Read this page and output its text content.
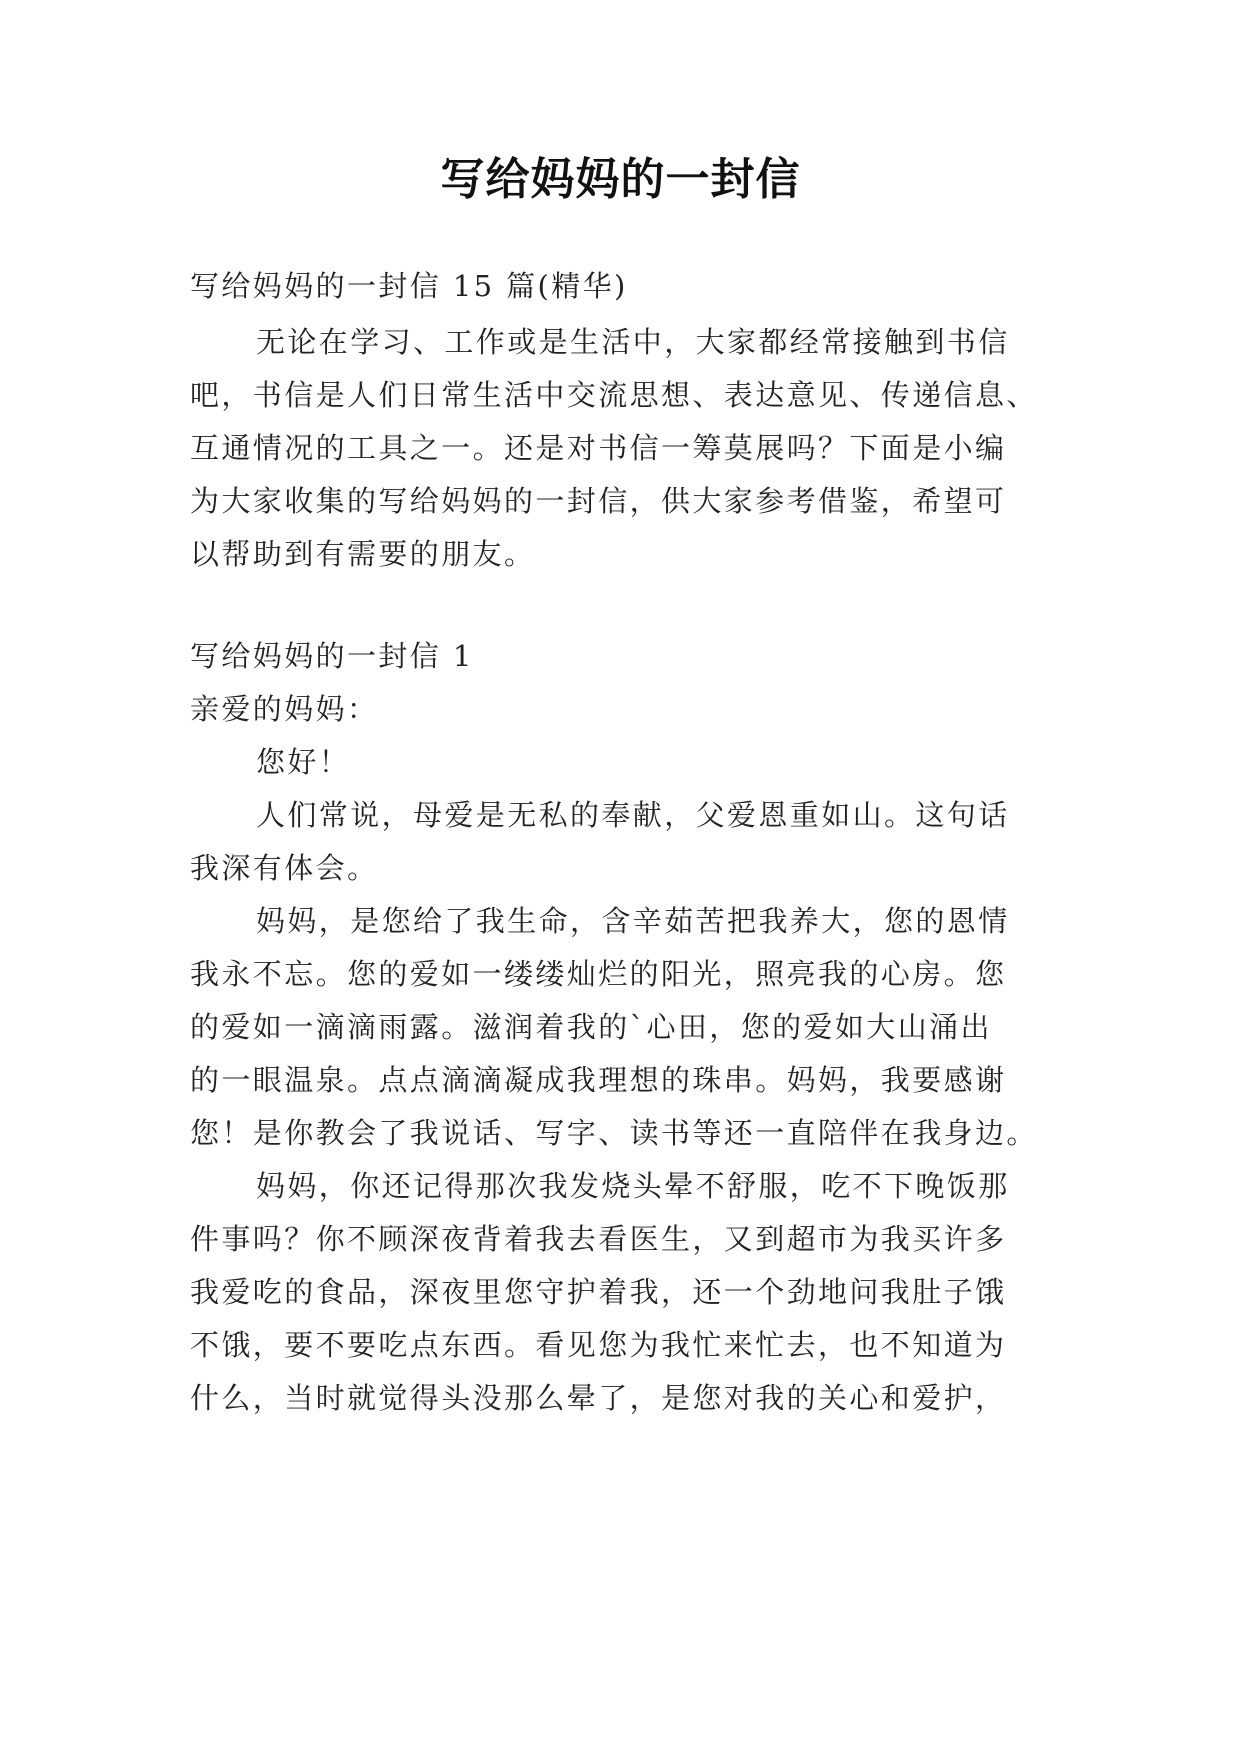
写给妈妈的一封信
写给妈妈的一封信 15 篇(精华)
无论在学习、工作或是生活中，大家都经常接触到书信
吧，书信是人们日常生活中交流思想、表达意见、传递信息、
互通情况的工具之一。还是对书信一筹莫展吗？下面是小编
为大家收集的写给妈妈的一封信，供大家参考借鉴，希望可
以帮助到有需要的朋友。
写给妈妈的一封信 1
亲爱的妈妈：
您好！
人们常说，母爱是无私的奉献，父爱恩重如山。这句话
我深有体会。
妈妈，是您给了我生命，含辛茹苦把我养大，您的恩情
我永不忘。您的爱如一缕缕灿烂的阳光，照亮我的心房。您
的爱如一滴滴雨露。滋润着我的`心田，您的爱如大山涌出
的一眼温泉。点点滴滴凝成我理想的珠串。妈妈，我要感谢
您！是你教会了我说话、写字、读书等还一直陪伴在我身边。
妈妈，你还记得那次我发烧头晕不舒服，吃不下晚饭那
件事吗？你不顾深夜背着我去看医生，又到超市为我买许多
我爱吃的食品，深夜里您守护着我，还一个劲地问我肚子饿
不饿，要不要吃点东西。看见您为我忙来忙去，也不知道为
什么，当时就觉得头没那么晕了，是您对我的关心和爱护，
